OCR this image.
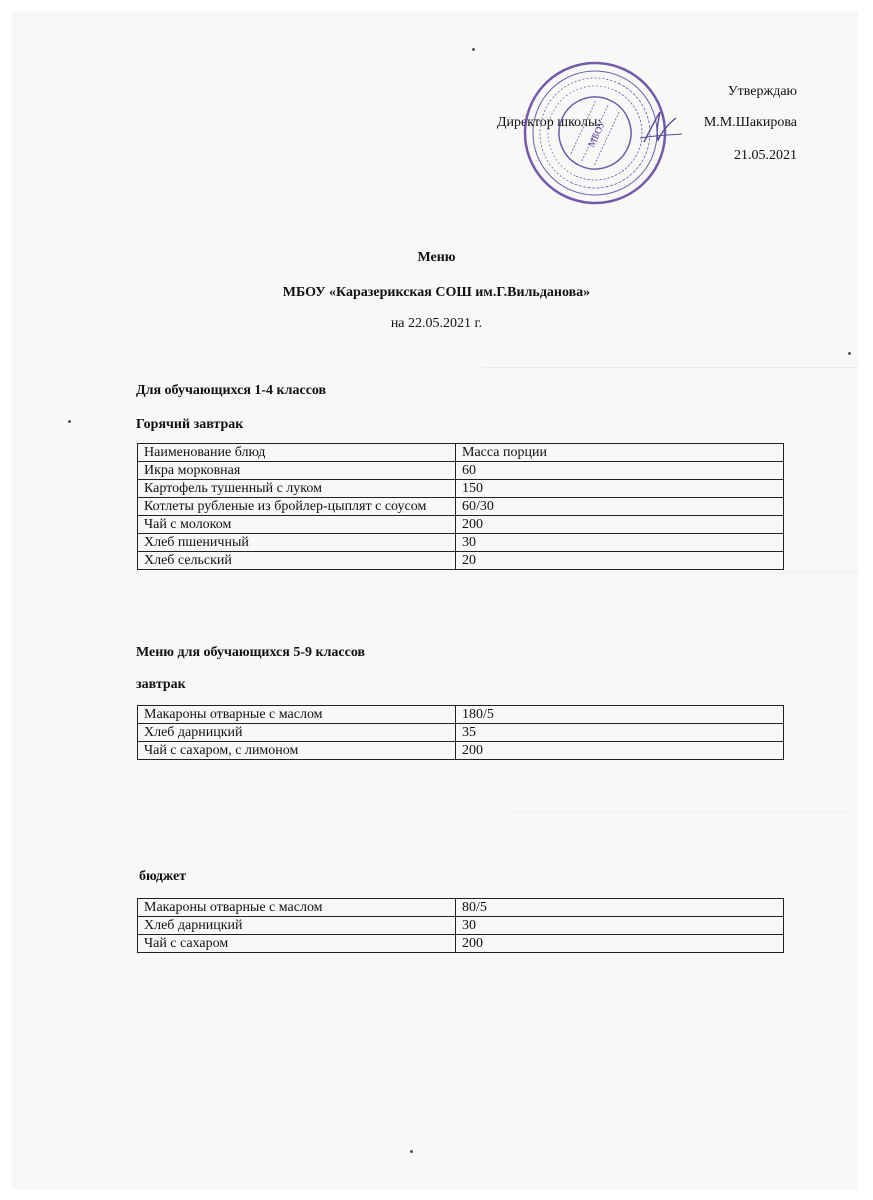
Утверждаю
Директор школы:	М.М.Шакирова
21.05.2021
МБОУ
Меню
МБОУ «Каразерикская СОШ им.Г.Вильданова»
на 22.05.2021 г.
Для обучающихся 1-4 классов
Горячий завтрак
Наименование блюд	Масса порции
Икра морковная	60
Картофель тушенный с луком	150
Котлеты рубленые из бройлер-цыплят с соусом	60/30
Чай с молоком	200
Хлеб пшеничный	30
Хлеб сельский	20
Меню для обучающихся 5-9 классов
завтрак
Макароны отварные с маслом	180/5
Хлеб дарницкий	35
Чай с сахаром, с лимоном	200
бюджет
Макароны отварные с маслом	80/5
Хлеб дарницкий	30
Чай с сахаром	200
